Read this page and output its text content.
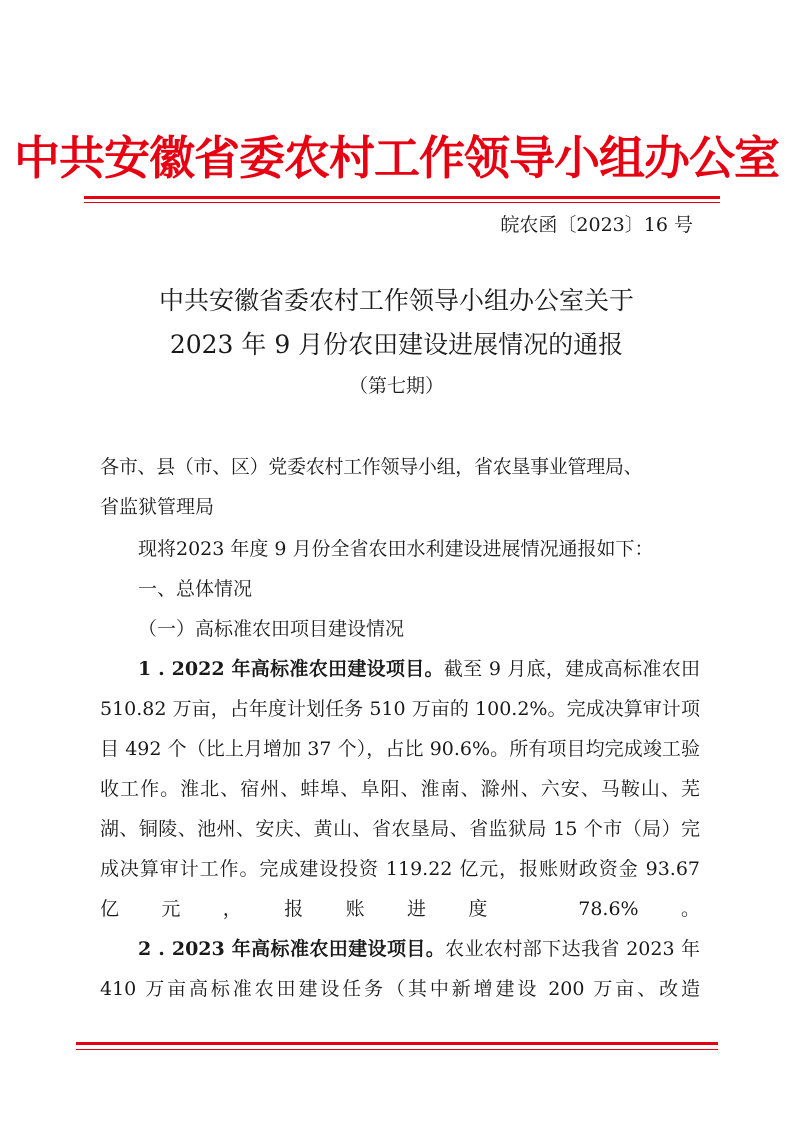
中共安徽省委农村工作领导小组办公室
皖农函〔2023〕16 号
中共安徽省委农村工作领导小组办公室关于
2023 年 9 月份农田建设进展情况的通报
（第七期）
各市、县（市、区）党委农村工作领导小组，省农垦事业管理局、
省监狱管理局
现将2023 年度 9 月份全省农田水利建设进展情况通报如下：
一、总体情况
（一）高标准农田项目建设情况
1 . 2022 年高标准农田建设项目。截至 9 月底，建成高标准农田 510.82 万亩，占年度计划任务 510 万亩的 100.2%。完成决算审计项目 492 个（比上月增加 37 个），占比 90.6%。所有项目均完成竣工验收工作。淮北、宿州、蚌埠、阜阳、淮南、滁州、六安、马鞍山、芜湖、铜陵、池州、安庆、黄山、省农垦局、省监狱局 15 个市（局）完成决算审计工作。完成建设投资 119.22 亿元，报账财政资金 93.67 亿元，报账进度 78.6%。
2 . 2023 年高标准农田建设项目。农业农村部下达我省 2023 年 410 万亩高标准农田建设任务（其中新增建设 200 万亩、改造
